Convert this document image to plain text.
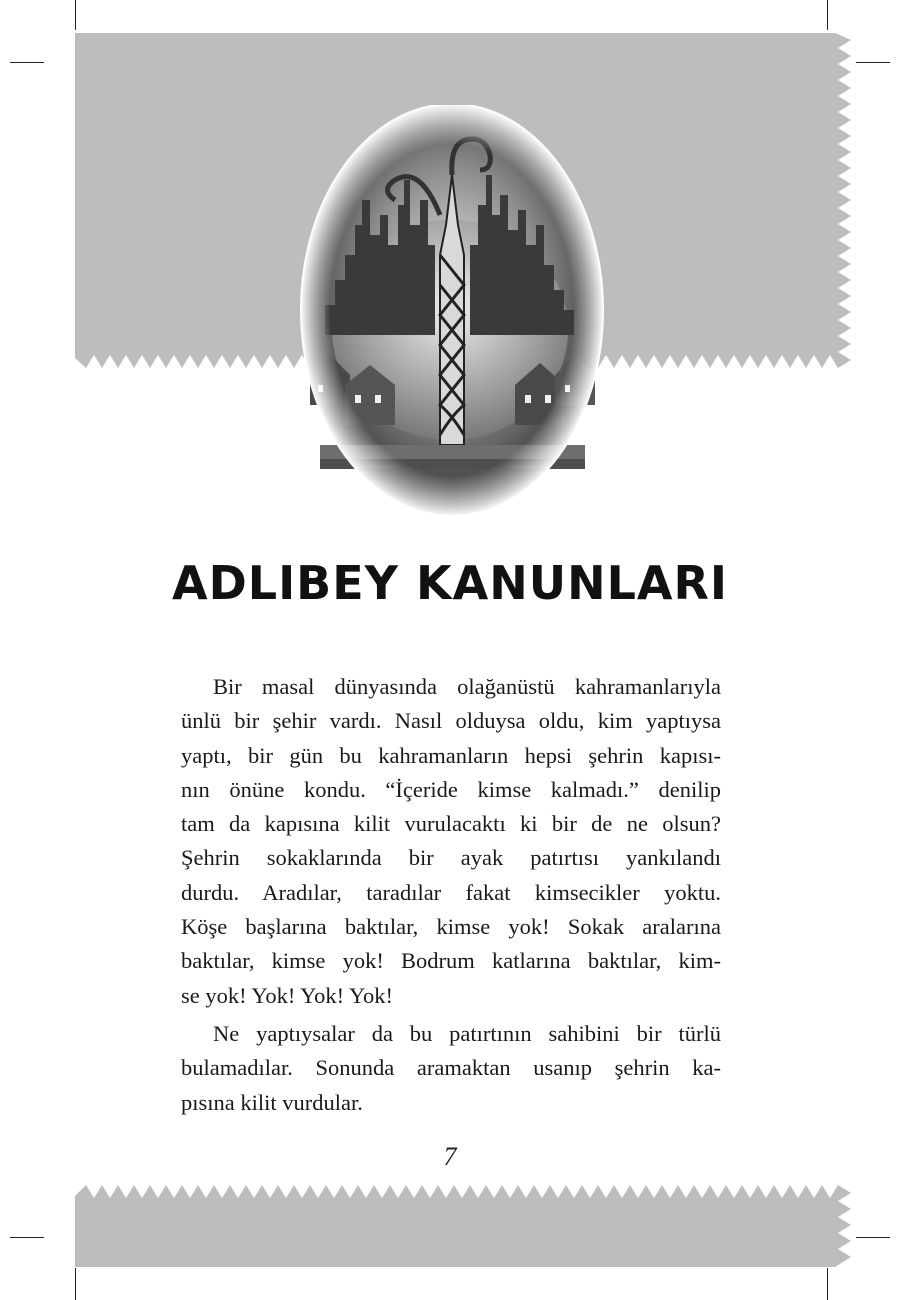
ADLIBEY KANUNLARI

Bir masal dünyasında olağanüstü kahramanlarıyla
ünlü bir şehir vardı. Nasıl olduysa oldu, kim yaptıysa
yaptı, bir gün bu kahramanların hepsi şehrin kapısı-
nın önüne kondu. “İçeride kimse kalmadı.” denilip
tam da kapısına kilit vurulacaktı ki bir de ne olsun?
Şehrin sokaklarında bir ayak patırtısı yankılandı
durdu. Aradılar, taradılar fakat kimsecikler yoktu.
Köşe başlarına baktılar, kimse yok! Sokak aralarına
baktılar, kimse yok! Bodrum katlarına baktılar, kim-
se yok! Yok! Yok! Yok!

Ne yaptıysalar da bu patırtının sahibini bir türlü
bulamadılar. Sonunda aramaktan usanıp şehrin ka-
pısına kilit vurdular.

7
